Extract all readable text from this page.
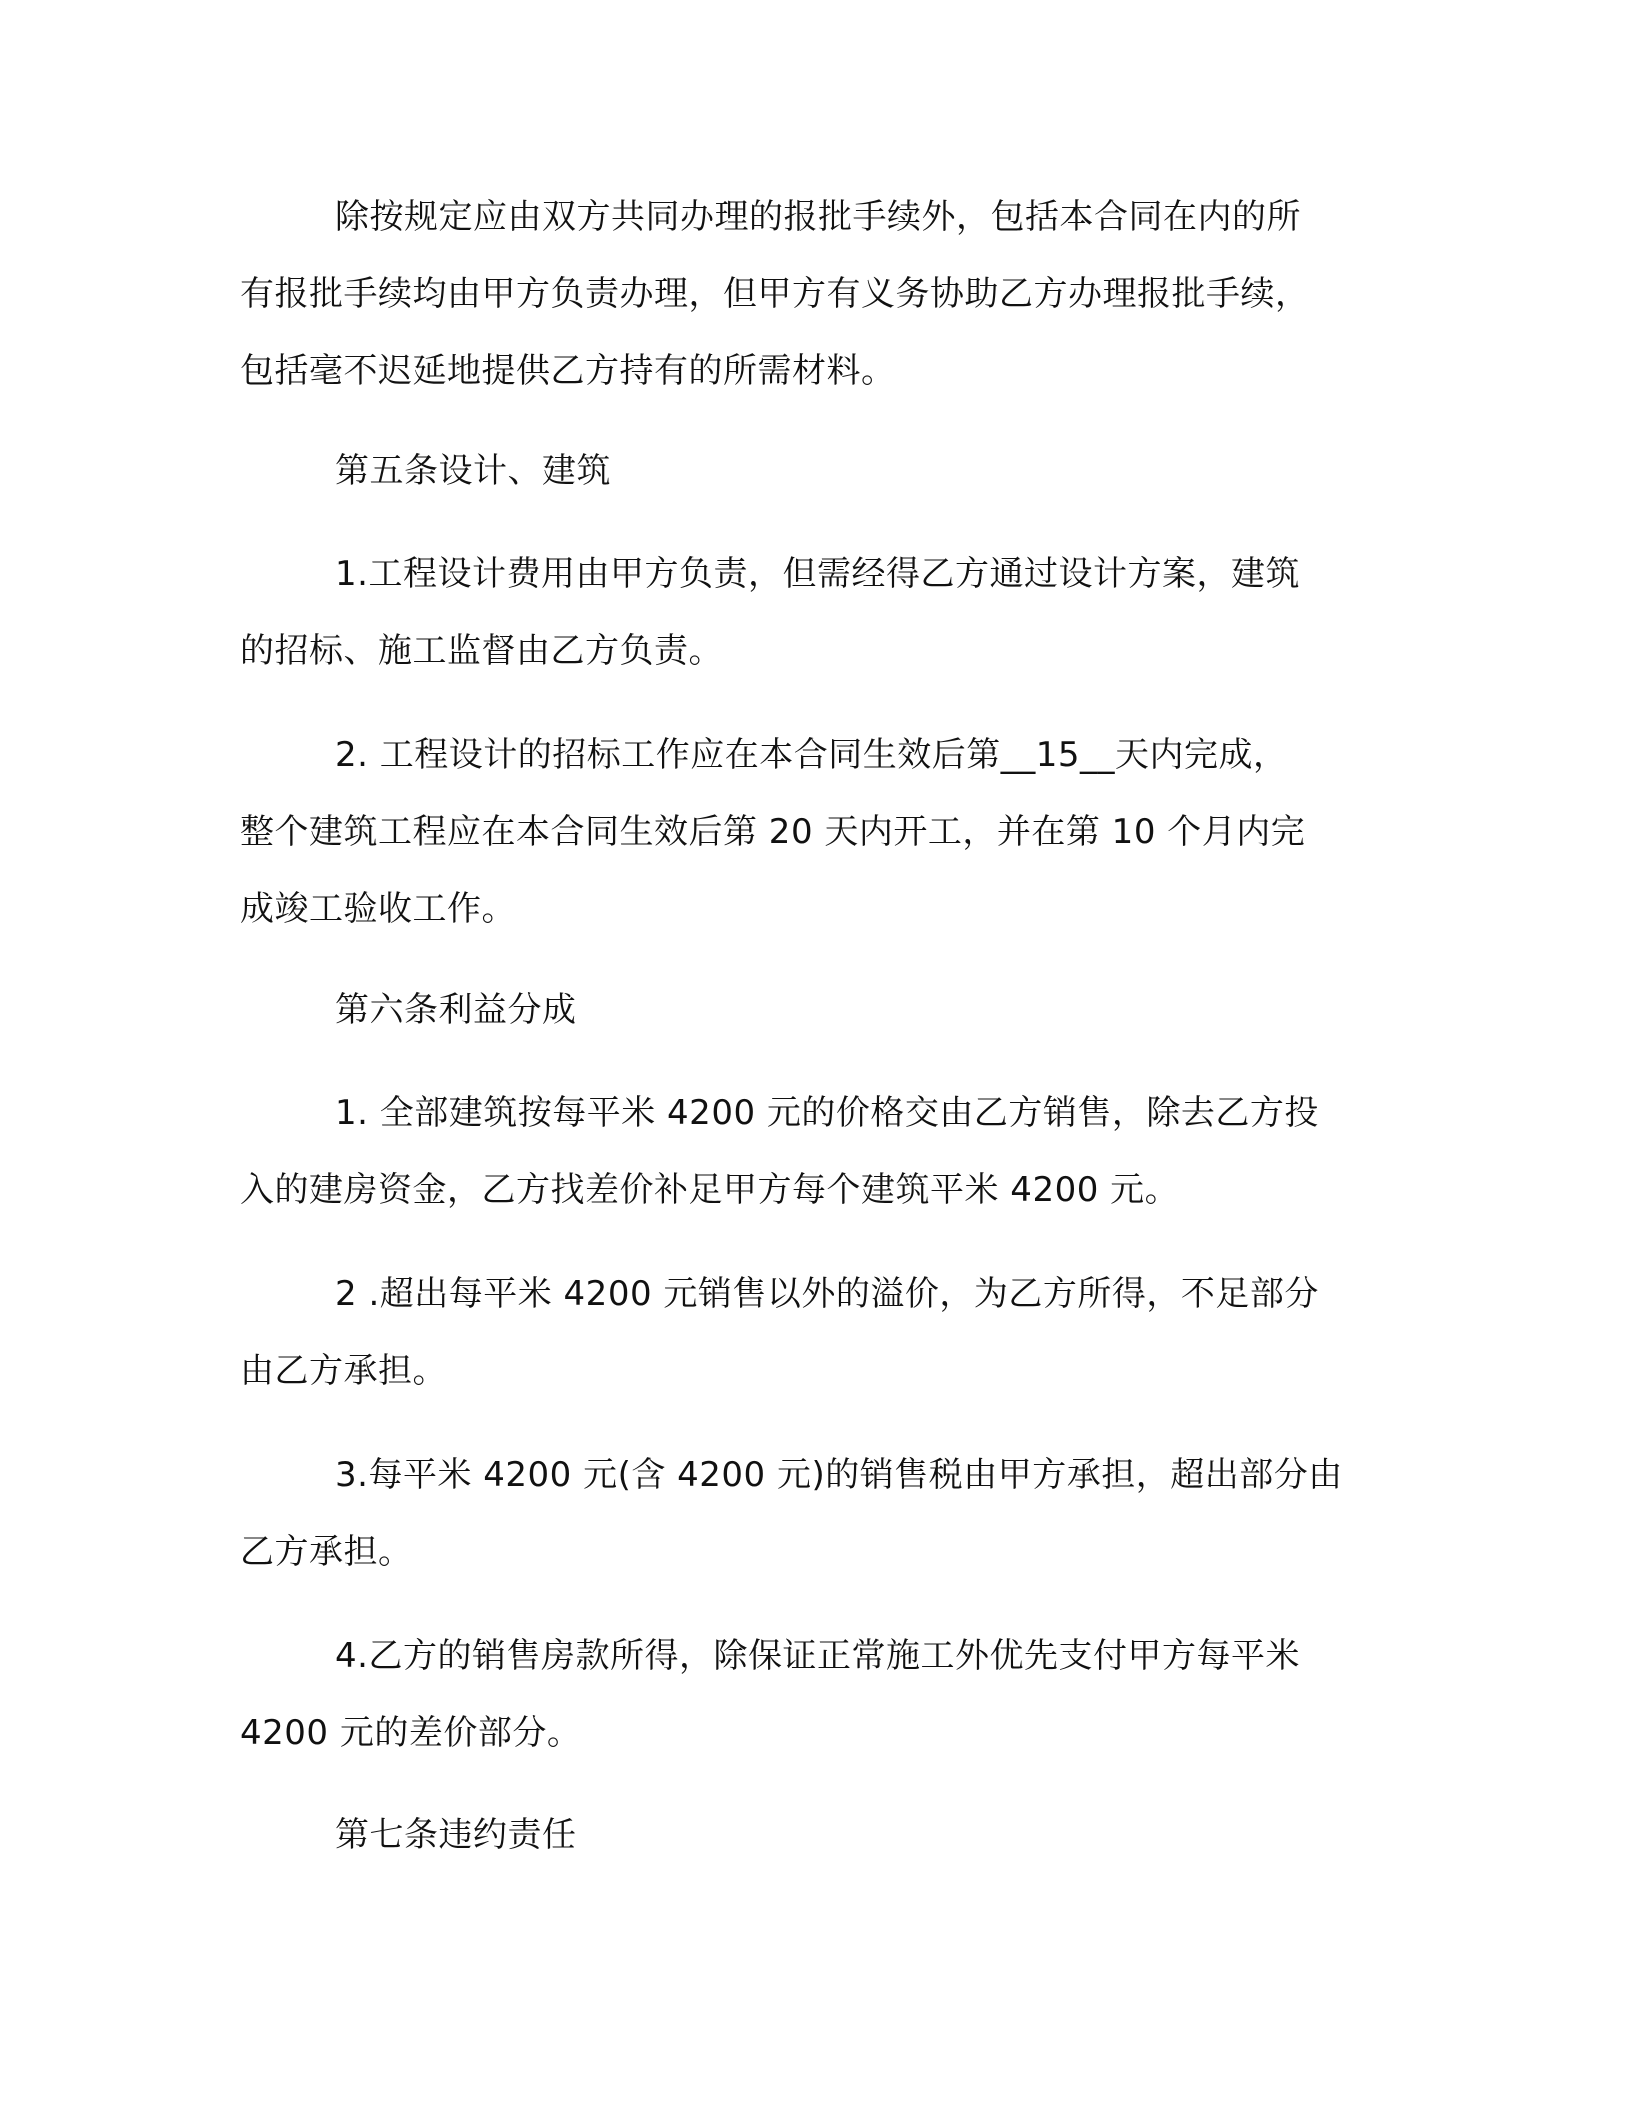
除按规定应由双方共同办理的报批手续外，包括本合同在内的所
有报批手续均由甲方负责办理，但甲方有义务协助乙方办理报批手续，
包括毫不迟延地提供乙方持有的所需材料。
第五条设计、建筑
1.工程设计费用由甲方负责，但需经得乙方通过设计方案，建筑
的招标、施工监督由乙方负责。
2. 工程设计的招标工作应在本合同生效后第__15__天内完成，
整个建筑工程应在本合同生效后第 20 天内开工，并在第 10 个月内完
成竣工验收工作。
第六条利益分成
1. 全部建筑按每平米 4200 元的价格交由乙方销售，除去乙方投
入的建房资金，乙方找差价补足甲方每个建筑平米 4200 元。
2 .超出每平米 4200 元销售以外的溢价，为乙方所得，不足部分
由乙方承担。
3.每平米 4200 元(含 4200 元)的销售税由甲方承担，超出部分由
乙方承担。
4.乙方的销售房款所得，除保证正常施工外优先支付甲方每平米
4200 元的差价部分。
第七条违约责任
